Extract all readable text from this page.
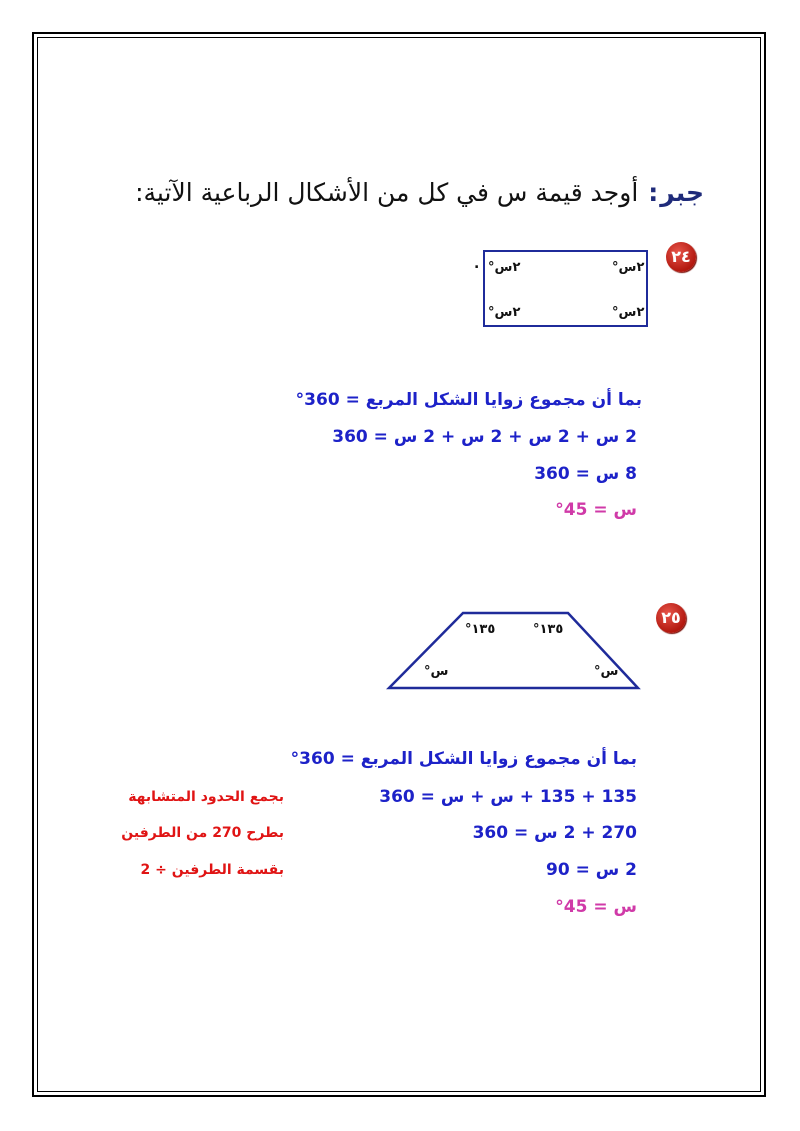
جبر: أوجد قيمة س في كل من الأشكال الرباعية الآتية:
٢٤
٢س°
٢س°
٢س°
٢س°
.
بما أن مجموع زوايا الشكل المربع = 360°
2 س + 2 س + 2 س + 2 س = 360
8 س = 360
س = 45°
٢٥
١٣٥°	١٣٥°
س°	س°
بما أن مجموع زوايا الشكل المربع = 360°
135 + 135 + س + س = 360
270 + 2 س = 360
2 س = 90
س = 45°
بجمع الحدود المتشابهة
بطرح 270 من الطرفين
بقسمة الطرفين ÷ 2
